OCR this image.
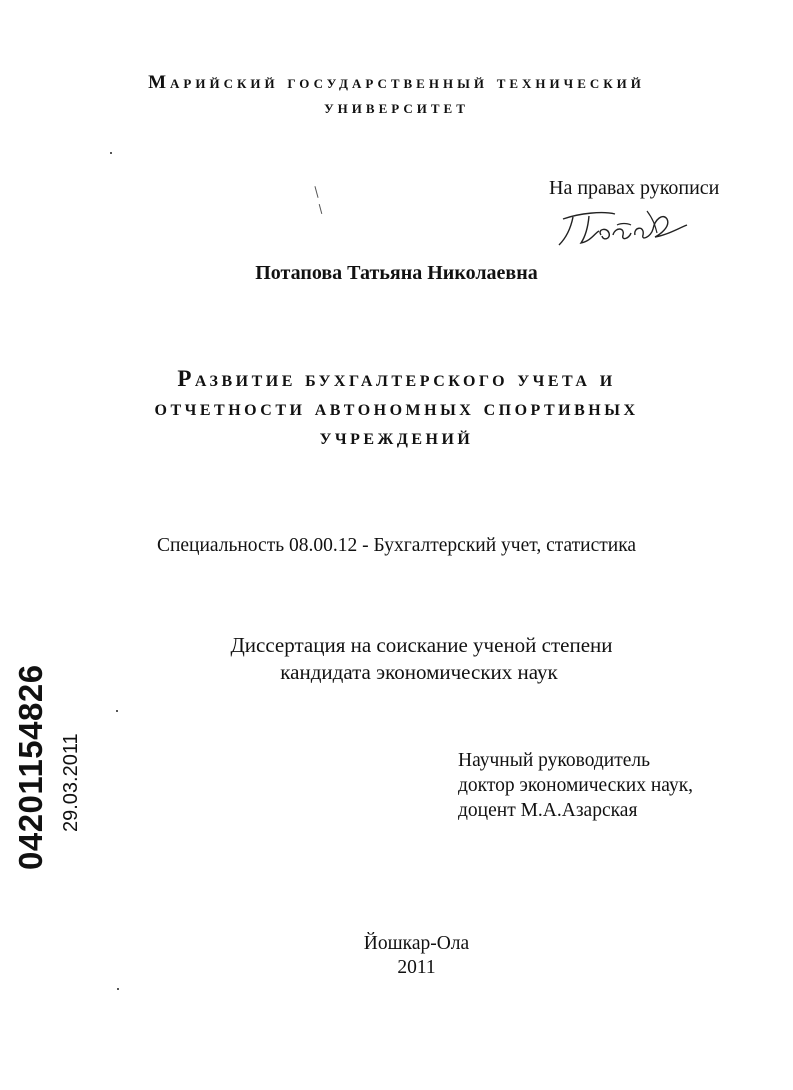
Марийский государственный технический
университет
На правах рукописи
Потапова Татьяна Николаевна
Развитие бухгалтерского учета и
отчетности автономных спортивных
учреждений
Специальность 08.00.12 - Бухгалтерский учет, статистика
Диссертация на соискание ученой степени
кандидата экономических наук
Научный руководитель
доктор экономических наук,
доцент М.А.Азарская
Йошкар-Ола
2011
04201154826 29.03.2011
